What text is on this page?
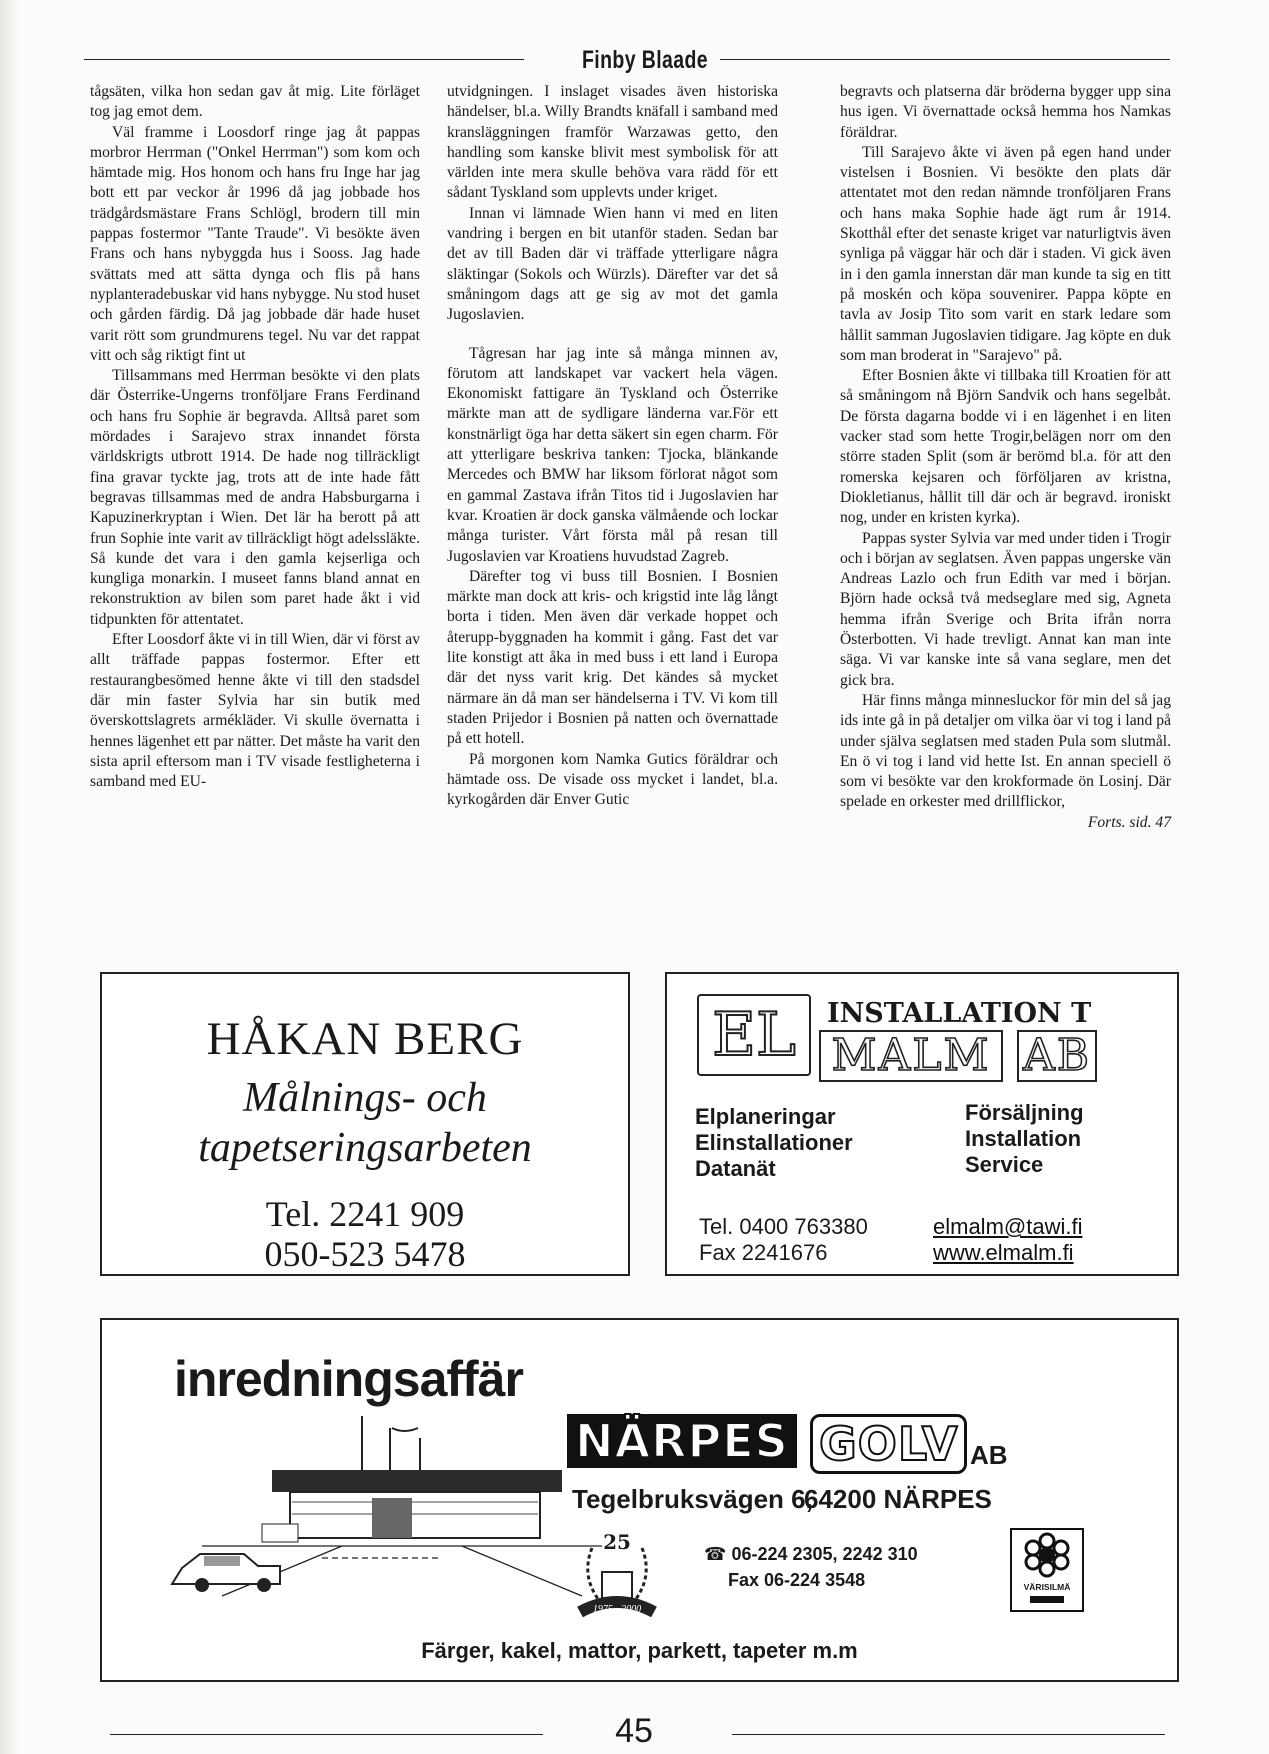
Finby Blaade

tågsäten, vilka hon sedan gav åt mig. Lite förläget tog jag emot dem.

Väl framme i Loosdorf ringe jag åt pappas morbror Herrman ("Onkel Herrman") som kom och hämtade mig. Hos honom och hans fru Inge har jag bott ett par veckor år 1996 då jag jobbade hos trädgårdsmästare Frans Schlögl, brodern till min pappas fostermor "Tante Traude". Vi besökte även Frans och hans nybyggda hus i Sooss. Jag hade svättats med att sätta dynga och flis på hans nyplanteradebuskar vid hans nybygge. Nu stod huset och gården färdig. Då jag jobbade där hade huset varit rött som grundmurens tegel. Nu var det rappat vitt och såg riktigt fint ut

Tillsammans med Herrman besökte vi den plats där Österrike-Ungerns tronföljare Frans Ferdinand och hans fru Sophie är begravda. Alltså paret som mördades i Sarajevo strax innandet första världskrigts utbrott 1914. De hade nog tillräckligt fina gravar tyckte jag, trots att de inte hade fått begravas tillsammas med de andra Habsburgarna i Kapuzinerkryptan i Wien. Det lär ha berott på att frun Sophie inte varit av tillräckligt högt adelssläkte. Så kunde det vara i den gamla kejserliga och kungliga monarkin. I museet fanns bland annat en rekonstruktion av bilen som paret hade åkt i vid tidpunkten för attentatet.

Efter Loosdorf åkte vi in till Wien, där vi först av allt träffade pappas fostermor. Efter ett restaurangbesömed henne åkte vi till den stadsdel där min faster Sylvia har sin butik med överskottslagrets armékläder. Vi skulle övernatta i hennes lägenhet ett par nätter. Det måste ha varit den sista april eftersom man i TV visade festligheterna i samband med EU-

utvidgningen. I inslaget visades även historiska händelser, bl.a. Willy Brandts knäfall i samband med kransläggningen framför Warzawas getto, den handling som kanske blivit mest symbolisk för att världen inte mera skulle behöva vara rädd för ett sådant Tyskland som upplevts under kriget.

Innan vi lämnade Wien hann vi med en liten vandring i bergen en bit utanför staden. Sedan bar det av till Baden där vi träffade ytterligare några släktingar (Sokols och Würzls). Därefter var det så småningom dags att ge sig av mot det gamla Jugoslavien.

Tågresan har jag inte så många minnen av, förutom att landskapet var vackert hela vägen. Ekonomiskt fattigare än Tyskland och Österrike märkte man att de sydligare länderna var.För ett konstnärligt öga har detta säkert sin egen charm. För att ytterligare beskriva tanken: Tjocka, blänkande Mercedes och BMW har liksom förlorat något som en gammal Zastava ifrån Titos tid i Jugoslavien har kvar. Kroatien är dock ganska välmående och lockar många turister. Vårt första mål på resan till Jugoslavien var Kroatiens huvudstad Zagreb.

Därefter tog vi buss till Bosnien. I Bosnien märkte man dock att kris- och krigstid inte låg långt borta i tiden. Men även där verkade hoppet och återupp-byggnaden ha kommit i gång. Fast det var lite konstigt att åka in med buss i ett land i Europa där det nyss varit krig. Det kändes så mycket närmare än då man ser händelserna i TV. Vi kom till staden Prijedor i Bosnien på natten och övernattade på ett hotell.

På morgonen kom Namka Gutics föräldrar och hämtade oss. De visade oss mycket i landet, bl.a. kyrkogården där Enver Gutic

begravts och platserna där bröderna bygger upp sina hus igen. Vi övernattade också hemma hos Namkas föräldrar.

Till Sarajevo åkte vi även på egen hand under vistelsen i Bosnien. Vi besökte den plats där attentatet mot den redan nämnde tronföljaren Frans och hans maka Sophie hade ägt rum år 1914. Skotthål efter det senaste kriget var naturligtvis även synliga på väggar här och där i staden. Vi gick även in i den gamla innerstan där man kunde ta sig en titt på moskén och köpa souvenirer. Pappa köpte en tavla av Josip Tito som varit en stark ledare som hållit samman Jugoslavien tidigare. Jag köpte en duk som man broderat in "Sarajevo" på.

Efter Bosnien åkte vi tillbaka till Kroatien för att så småningom nå Björn Sandvik och hans segelbåt. De första dagarna bodde vi i en lägenhet i en liten vacker stad som hette Trogir,belägen norr om den större staden Split (som är berömd bl.a. för att den romerska kejsaren och förföljaren av kristna, Diokletianus, hållit till där och är begravd. ironiskt nog, under en kristen kyrka).

Pappas syster Sylvia var med under tiden i Trogir och i början av seglatsen. Även pappas ungerske vän Andreas Lazlo och frun Edith var med i början. Björn hade också två medseglare med sig, Agneta hemma ifrån Sverige och Brita ifrån norra Österbotten. Vi hade trevligt. Annat kan man inte säga. Vi var kanske inte så vana seglare, men det gick bra.

Här finns många minnesluckor för min del så jag ids inte gå in på detaljer om vilka öar vi tog i land på under själva seglatsen med staden Pula som slutmål. En ö vi tog i land vid hette Ist. En annan speciell ö som vi besökte var den krokformade ön Losinj. Där spelade en orkester med drillflickor,

Forts. sid. 47

HÅKAN BERG
Målnings- och
tapetseringsarbeten
Tel. 2241 909
050-523 5478
EL	INSTALLATION T
MALM AB
Elplaneringar
Elinstallationer
Datanät
Försäljning
Installation
Service
Tel. 0400 763380
Fax 2241676
elmalm@tawi.fi
www.elmalm.fi
inredningsaffär
NÄRPES GOLV AB
Tegelbruksvägen 6,
64200 NÄRPES
25
1975 - 2000
☎ 06-224 2305, 2242 310
Fax 06-224 3548	VÄRISILMÄ
Färger, kakel, mattor, parkett, tapeter m.m
45
